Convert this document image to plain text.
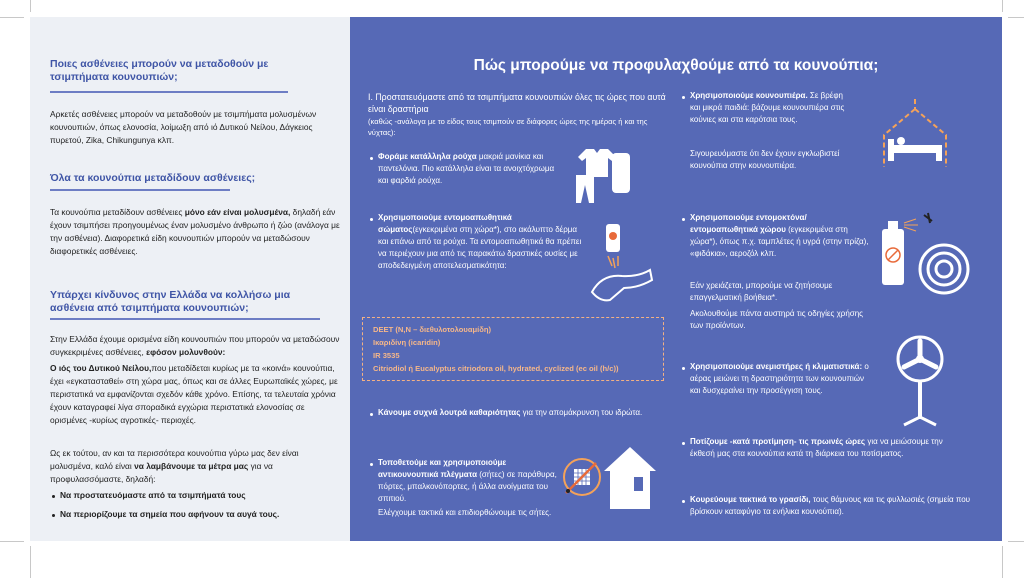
Ποιες ασθένειες μπορούν να μεταδοθούν με τσιμπήματα κουνουπιών;

Αρκετές ασθένειες μπορούν να μεταδοθούν με τσιμπήματα μολυσμένων κουνουπιών, όπως ελονοσία, λοίμωξη από ιό Δυτικού Νείλου, Δάγκειος πυρετού, Zika, Chikungunya κλπ.

Όλα τα κουνούπια μεταδίδουν ασθένειες;

Τα κουνούπια μεταδίδουν ασθένειες μόνο εάν είναι μολυσμένα, δηλαδή εάν έχουν τσιμπήσει προηγουμένως έναν μολυσμένο άνθρωπο ή ζώο (ανάλογα με την ασθένεια). Διαφορετικά είδη κουνουπιών μπορούν να μεταδώσουν διαφορετικές ασθένειες.

Υπάρχει κίνδυνος στην Ελλάδα να κολλήσω μια ασθένεια από τσιμπήματα κουνουπιών;

Στην Ελλάδα έχουμε ορισμένα είδη κουνουπιών που μπορούν να μεταδώσουν συγκεκριμένες ασθένειες, εφόσον μολυνθούν:

Ο ιός του Δυτικού Νείλου,που μεταδίδεται κυρίως με τα «κοινά» κουνούπια, έχει «εγκατασταθεί» στη χώρα μας, όπως και σε άλλες Ευρωπαϊκές χώρες, με περιστατικά να εμφανίζονται σχεδόν κάθε χρόνο. Επίσης, τα τελευταία χρόνια έχουν καταγραφεί λίγα σποραδικά εγχώρια περιστατικά ελονοσίας σε ορισμένες -κυρίως αγροτικές- περιοχές.

Ως εκ τούτου, αν και τα περισσότερα κουνούπια γύρω μας δεν είναι μολυσμένα, καλό είναι να λαμβάνουμε τα μέτρα μας για να προφυλασσόμαστε, δηλαδή:

Να προστατευόμαστε από τα τσιμπήματά τους

Να περιορίζουμε τα σημεία που αφήνουν τα αυγά τους.

Πώς μπορούμε να προφυλαχθούμε από τα κουνούπια;

Ι. Προστατευόμαστε από τα τσιμπήματα κουνουπιών όλες τις ώρες που αυτά είναι δραστήρια

(καθώς -ανάλογα με το είδος τους τσιμπούν σε διάφορες ώρες της ημέρας ή και της νύχτας):

Φοράμε κατάλληλα ρούχα μακριά μανίκια και παντελόνια. Πιο κατάλληλα είναι τα ανοιχτόχρωμα και φαρδιά ρούχα.

Χρησιμοποιούμε εντομοαπωθητικά σώματος(εγκεκριμένα στη χώρα*), στο ακάλυπτο δέρμα και επάνω από τα ρούχα. Τα εντομοαπωθητικά θα πρέπει να περιέχουν μια από τις παρακάτω δραστικές ουσίες με αποδεδειγμένη αποτελεσματικότητα:

DEET (N,N – διεθυλοτολουαμίδη)

Ικαριδίνη (icaridin)

IR 3535

Citriodiol ή Eucalyptus citriodora oil, hydrated, cyclized (ec oil (h/c))

Κάνουμε συχνά λουτρά καθαριότητας για την απομάκρυνση του ιδρώτα.

Τοποθετούμε και χρησιμοποιούμε αντικουνουπικά πλέγματα (σήτες) σε παράθυρα, πόρτες, μπαλκονόπορτες, ή άλλα ανοίγματα του σπιτιού.

Ελέγχουμε τακτικά και επιδιορθώνουμε τις σήτες.

Χρησιμοποιούμε κουνουπιέρα. Σε βρέφη και μικρά παιδιά: βάζουμε κουνουπιέρα στις κούνιες και στα καρότσια τους.

Σιγουρευόμαστε ότι δεν έχουν εγκλωβιστεί κουνούπια στην κουνουπιέρα.

Χρησιμοποιούμε εντομοκτόνα/ εντομοαπωθητικά χώρου (εγκεκριμένα στη χώρα*), όπως π.χ. ταμπλέτες ή υγρά (στην πρίζα), «φιδάκια», αεροζόλ κλπ.

Εάν χρειάζεται, μπορούμε να ζητήσουμε επαγγελματική βοήθεια*.

Ακολουθούμε πάντα αυστηρά τις οδηγίες χρήσης των προϊόντων.

Χρησιμοποιούμε ανεμιστήρες ή κλιματιστικά: ο αέρας μειώνει τη δραστηριότητα των κουνουπιών και δυσχεραίνει την προσέγγιση τους.

Ποτίζουμε -κατά προτίμηση- τις πρωινές ώρες για να μειώσουμε την έκθεσή μας στα κουνούπια κατά τη διάρκεια του ποτίσματος.

Κουρεύουμε τακτικά το γρασίδι, τους θάμνους και τις φυλλωσιές (σημεία που βρίσκουν καταφύγιο τα ενήλικα κουνούπια).
